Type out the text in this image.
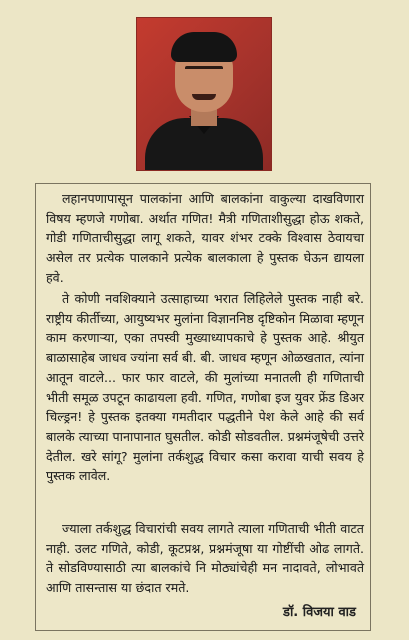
लहानपणापासून पालकांना आणि बालकांना वाकुल्या दाखविणारा विषय म्हणजे गणोबा. अर्थात गणित! मैत्री गणिताशीसुद्धा होऊ शकते, गोडी गणिताचीसुद्धा लागू शकते, यावर शंभर टक्के विश्वास ठेवायचा असेल तर प्रत्येक पालकाने प्रत्येक बालकाला हे पुस्तक घेऊन द्यायला हवे.

ते कोणी नवशिक्याने उत्साहाच्या भरात लिहिलेले पुस्तक नाही बरे. राष्ट्रीय कीर्तीच्या, आयुष्यभर मुलांना विज्ञाननिष्ठ दृष्टिकोन मिळावा म्हणून काम करणाऱ्या, एका तपस्वी मुख्याध्यापकाचे हे पुस्तक आहे. श्रीयुत बाळासाहेब जाधव ज्यांना सर्व बी. बी. जाधव म्हणून ओळखतात, त्यांना आतून वाटले... फार फार वाटले, की मुलांच्या मनातली ही गणिताची भीती समूळ उपटून काढायला हवी. गणित, गणोबा इज युवर फ्रेंड डिअर चिल्ड्रन! हे पुस्तक इतक्या गमतीदार पद्धतीने पेश केले आहे की सर्व बालके त्याच्या पानापानात घुसतील. कोडी सोडवतील. प्रश्नमंजूषेची उत्तरे देतील. खरे सांगू? मुलांना तर्कशुद्ध विचार कसा करावा याची सवय हे पुस्तक लावेल.

ज्याला तर्कशुद्ध विचारांची सवय लागते त्याला गणिताची भीती वाटत नाही. उलट गणिते, कोडी, कूटप्रश्न, प्रश्नमंजूषा या गोष्टींची ओढ लागते. ते सोडविण्यासाठी त्या बालकांचे नि मोठ्यांचेही मन नादावते, लोभावते आणि तासन्तास या छंदात रमते.

डॉ. विजया वाड
